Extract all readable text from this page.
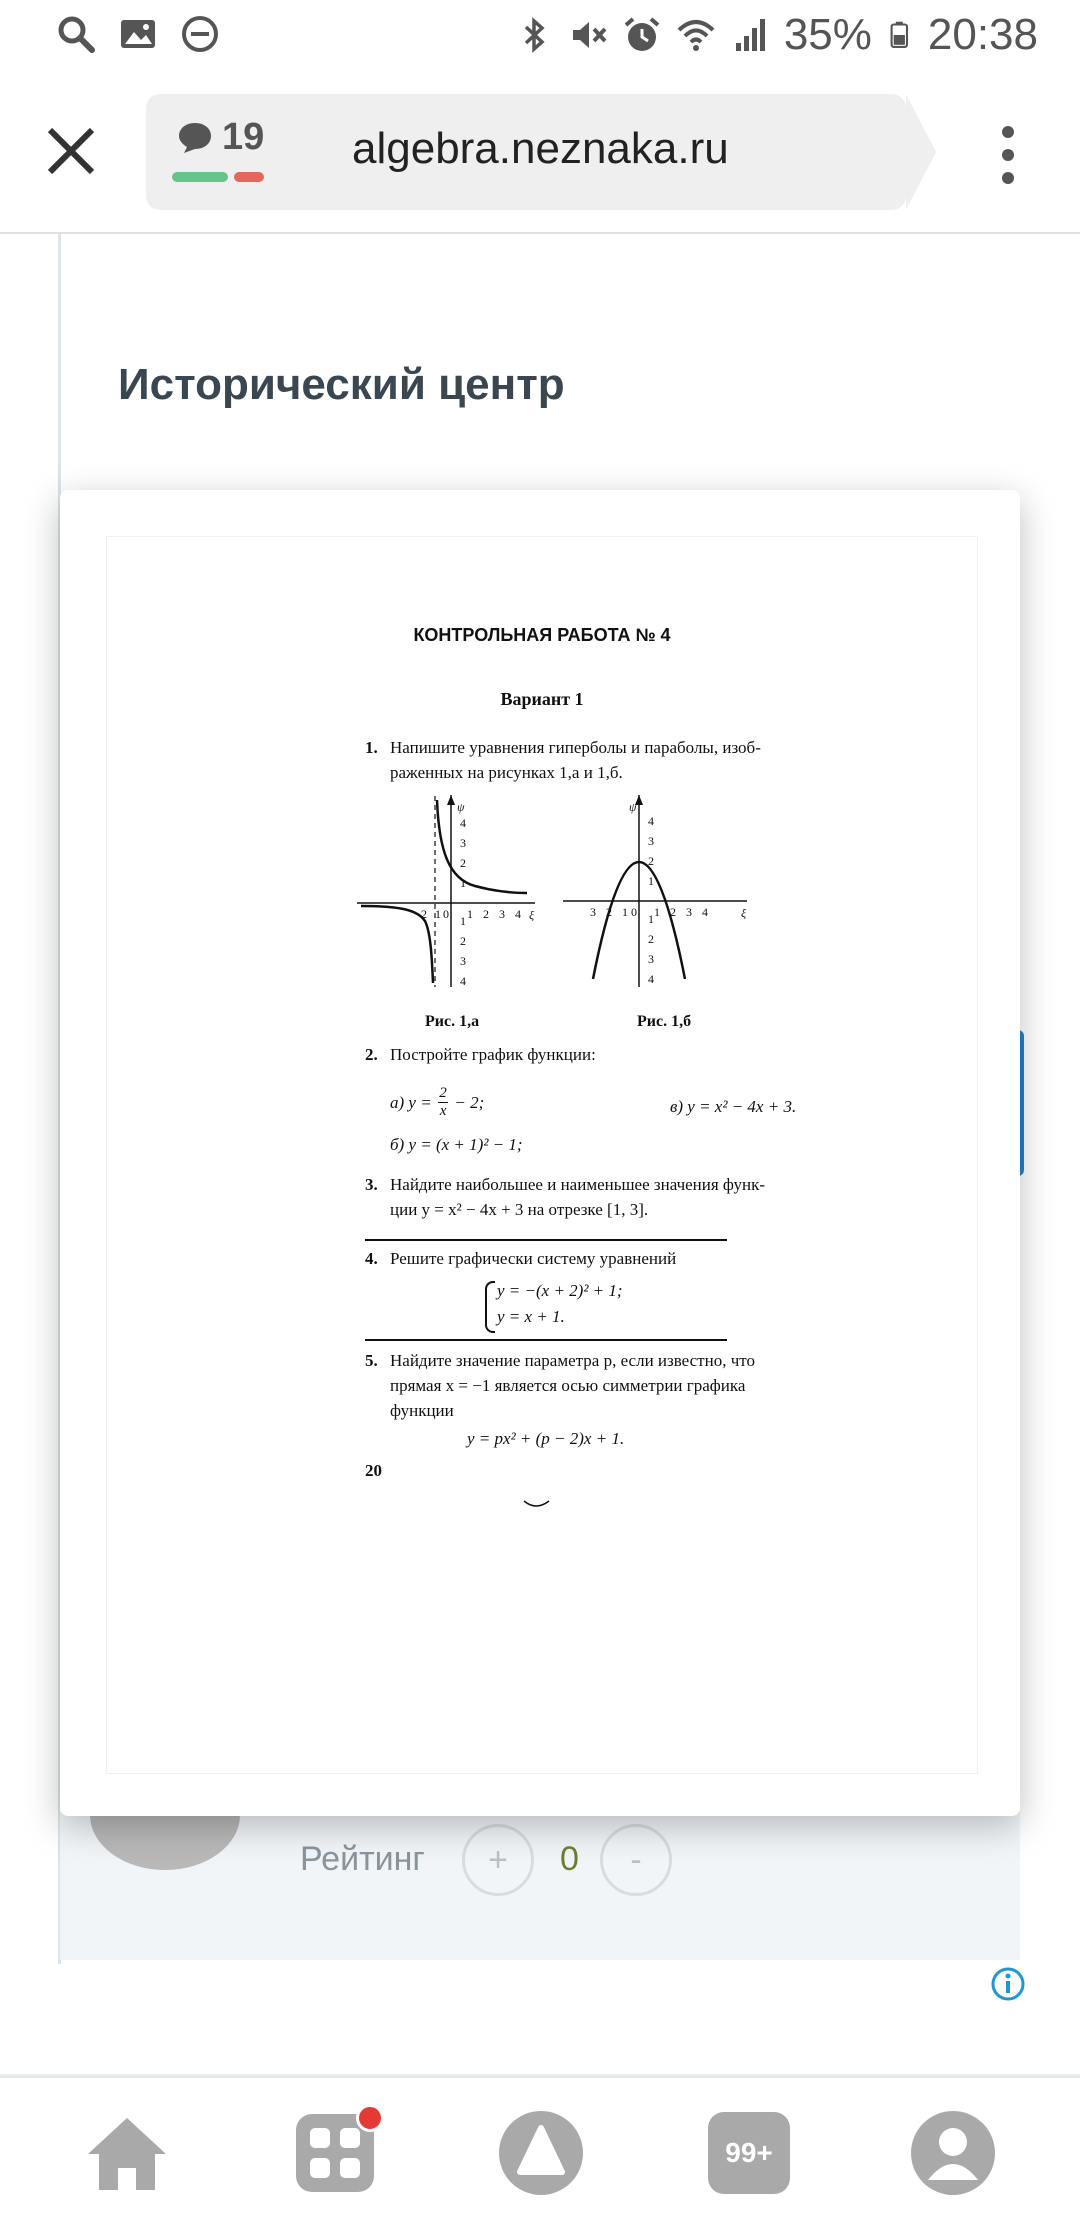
35% 20:38
19 algebra.neznaka.ru
Исторический центр
Рейтинг	+	0	-
КОНТРОЛЬНАЯ РАБОТА № 4
Вариант 1
1. Напишите уравнения гиперболы и параболы, изоб-
раженных на рисунках 1,а и 1,б.
ψ
ξ
2 1 0 1 2 3 4
4
3
2
1
1
2
3
4
ψ
ξ
3 2 1 0 1 2 3 4
4
3
2
1
1
2
3
4
Рис. 1,а	Рис. 1,б
2. Постройте график функции:
а) $y = \frac{2}{x} - 2$;	в) y = x² − 4x + 3.
б) y = (x + 1)² − 1;
3. Найдите наибольшее и наименьшее значения функ-
ции y = x² − 4x + 3 на отрезке [1, 3].
4. Решите графически систему уравнений
y = −(x + 2)² + 1;
y = x + 1.
5. Найдите значение параметра p, если известно, что
прямая x = −1 является осью симметрии графика
функции
y = px² + (p − 2)x + 1.
20
99+
